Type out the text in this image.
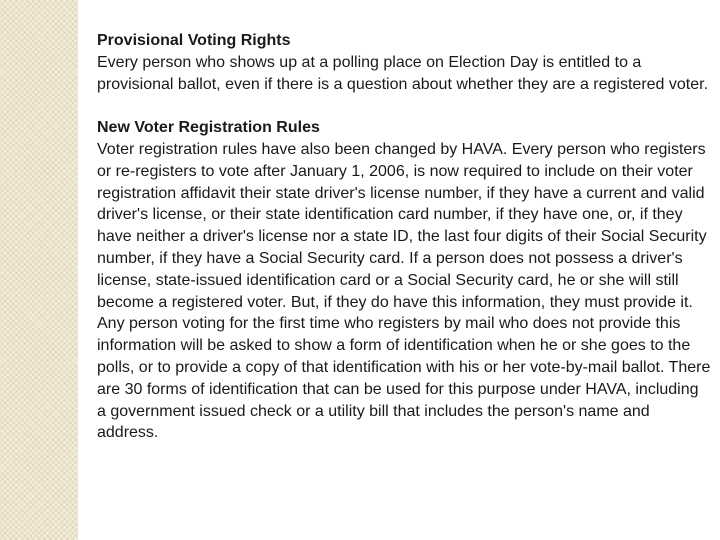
Provisional Voting Rights
Every person who shows up at a polling place on Election Day is entitled to a provisional ballot, even if there is a question about whether they are a registered voter.

New Voter Registration Rules
Voter registration rules have also been changed by HAVA. Every person who registers or re-registers to vote after January 1, 2006, is now required to include on their voter registration affidavit their state driver's license number, if they have a current and valid driver's license, or their state identification card number, if they have one, or, if they have neither a driver's license nor a state ID, the last four digits of their Social Security number, if they have a Social Security card. If a person does not possess a driver's license, state-issued identification card or a Social Security card, he or she will still become a registered voter. But, if they do have this information, they must provide it. Any person voting for the first time who registers by mail who does not provide this information will be asked to show a form of identification when he or she goes to the polls, or to provide a copy of that identification with his or her vote-by-mail ballot. There are 30 forms of identification that can be used for this purpose under HAVA, including a government issued check or a utility bill that includes the person's name and address.
